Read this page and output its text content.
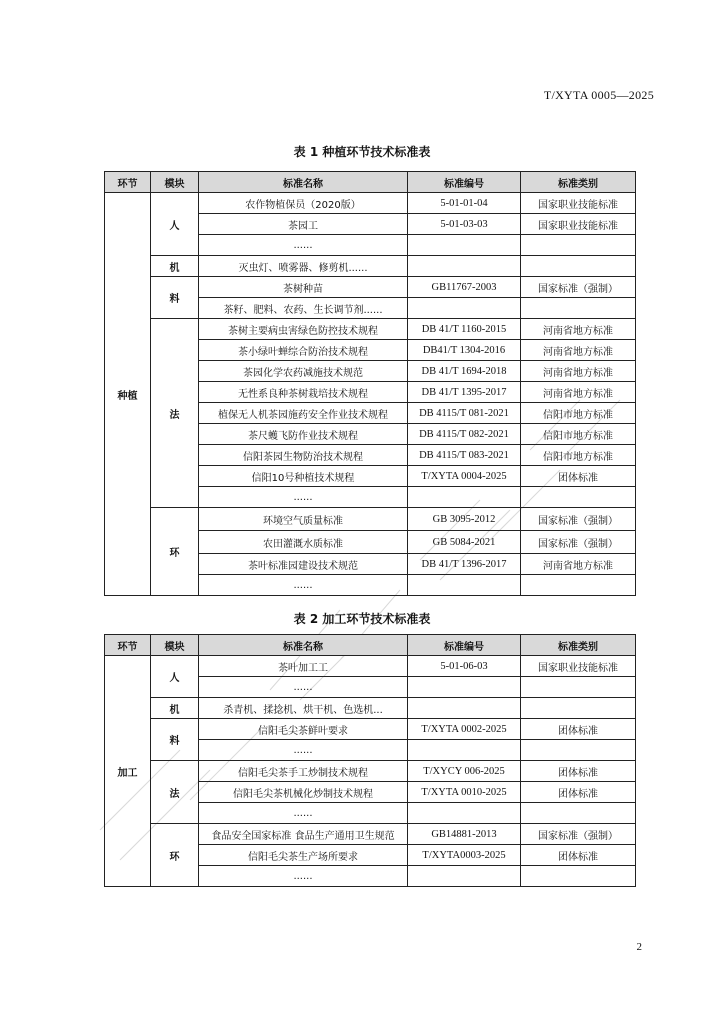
T/XYTA 0005—2025
表 1 种植环节技术标准表
环节	模块	标准名称	标准编号	标准类别
种植	人	农作物植保员（2020版）	5-01-01-04	国家职业技能标准
		茶园工	5-01-03-03	国家职业技能标准
		......		
	机	灭虫灯、喷雾器、修剪机......		
	料	茶树种苗	GB11767-2003	国家标准（强制）
		茶籽、肥料、农药、生长调节剂......		
	法	茶树主要病虫害绿色防控技术规程	DB 41/T 1160-2015	河南省地方标准
		茶小绿叶蝉综合防治技术规程	DB41/T 1304-2016	河南省地方标准
		茶园化学农药减施技术规范	DB 41/T 1694-2018	河南省地方标准
		无性系良种茶树栽培技术规程	DB 41/T 1395-2017	河南省地方标准
		植保无人机茶园施药安全作业技术规程	DB 4115/T 081-2021	信阳市地方标准
		茶尺蠖飞防作业技术规程	DB 4115/T 082-2021	信阳市地方标准
		信阳茶园生物防治技术规程	DB 4115/T 083-2021	信阳市地方标准
		信阳10号种植技术规程	T/XYTA 0004-2025	团体标准
		......		
	环	环境空气质量标准	GB 3095-2012	国家标准（强制）
		农田灌溉水质标准	GB 5084-2021	国家标准（强制）
		茶叶标准园建设技术规范	DB 41/T 1396-2017	河南省地方标准
		......		
表 2 加工环节技术标准表
环节	模块	标准名称	标准编号	标准类别
加工	人	茶叶加工工	5-01-06-03	国家职业技能标准
		......		
	机	杀青机、揉捻机、烘干机、色选机...		
	料	信阳毛尖茶鲜叶要求	T/XYTA 0002-2025	团体标准
		......		
	法	信阳毛尖茶手工炒制技术规程	T/XYCY 006-2025	团体标准
		信阳毛尖茶机械化炒制技术规程	T/XYTA 0010-2025	团体标准
		......		
	环	食品安全国家标准 食品生产通用卫生规范	GB14881-2013	国家标准（强制）
		信阳毛尖茶生产场所要求	T/XYTA0003-2025	团体标准
		......		
2
